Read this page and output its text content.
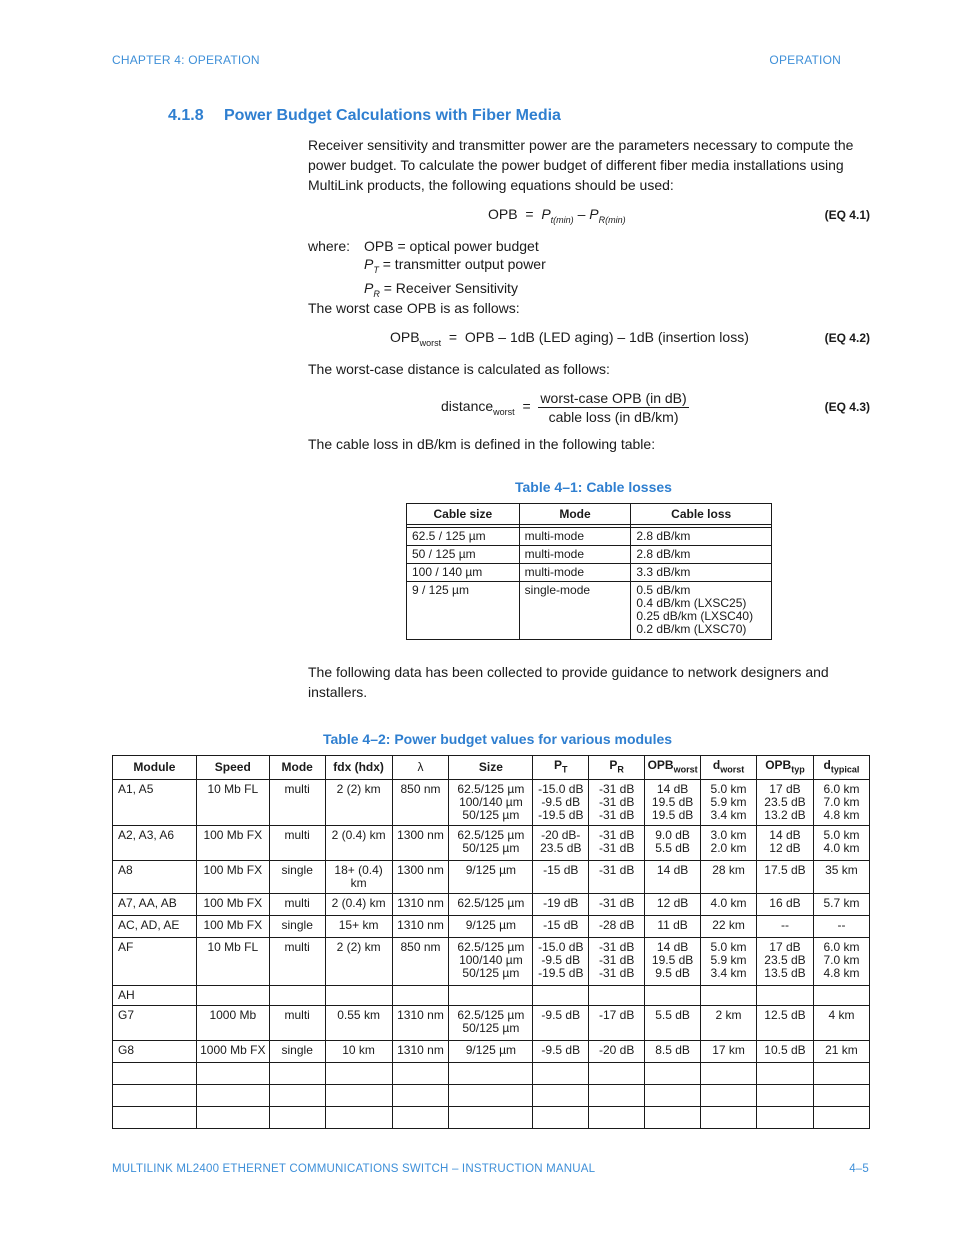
CHAPTER 4: OPERATION	OPERATION
4.1.8 Power Budget Calculations with Fiber Media
Receiver sensitivity and transmitter power are the parameters necessary to compute the power budget. To calculate the power budget of different fiber media installations using MultiLink products, the following equations should be used:
OPB = $P_{t(min)} - P_{R(min)}$	(EQ 4.1)
where: OPB = optical power budget
$P_T$ = transmitter output power
$P_R$ = Receiver Sensitivity
The worst case OPB is as follows:
$OPB_{worst}$ = OPB – 1dB (LED aging) – 1dB (insertion loss)	(EQ 4.2)
The worst-case distance is calculated as follows:
distance$_{worst}$ = $\frac{\text{worst-case OPB (in dB)}}{\text{cable loss (in dB/km)}}$	(EQ 4.3)
The cable loss in dB/km is defined in the following table:
Table 4–1: Cable losses
Cable size	Mode	Cable loss

62.5 / 125 µm	multi-mode	2.8 dB/km
50 / 125 µm	multi-mode	2.8 dB/km
100 / 140 µm	multi-mode	3.3 dB/km
9 / 125 µm	single-mode	0.5 dB/km
0.4 dB/km (LXSC25)
0.25 dB/km (LXSC40)
0.2 dB/km (LXSC70)
The following data has been collected to provide guidance to network designers and installers.
Table 4–2: Power budget values for various modules
Module	Speed	Mode	fdx (hdx)	λ	Size	$P_T$	$P_R$	$OPB_{worst}$	$d_{worst}$	$OPB_{typ}$	$d_{typical}$
A1, A5	10 Mb FL	multi	2 (2) km	850 nm	62.5/125 µm
100/140 µm
50/125 µm	-15.0 dB
-9.5 dB
-19.5 dB	-31 dB
-31 dB
-31 dB	14 dB
19.5 dB
19.5 dB	5.0 km
5.9 km
3.4 km	17 dB
23.5 dB
13.2 dB	6.0 km
7.0 km
4.8 km
A2, A3, A6	100 Mb FX	multi	2 (0.4) km	1300 nm	62.5/125 µm
50/125 µm	-20 dB-
23.5 dB	-31 dB
-31 dB	9.0 dB
5.5 dB	3.0 km
2.0 km	14 dB
12 dB	5.0 km
4.0 km
A8	100 Mb FX	single	18+ (0.4) km	1300 nm	9/125 µm	-15 dB	-31 dB	14 dB	28 km	17.5 dB	35 km
A7, AA, AB	100 Mb FX	multi	2 (0.4) km	1310 nm	62.5/125 µm	-19 dB	-31 dB	12 dB	4.0 km	16 dB	5.7 km
AC, AD, AE	100 Mb FX	single	15+ km	1310 nm	9/125 µm	-15 dB	-28 dB	11 dB	22 km	--	--
AF	10 Mb FL	multi	2 (2) km	850 nm	62.5/125 µm
100/140 µm
50/125 µm	-15.0 dB
-9.5 dB
-19.5 dB	-31 dB
-31 dB
-31 dB	14 dB
19.5 dB
9.5 dB	5.0 km
5.9 km
3.4 km	17 dB
23.5 dB
13.5 dB	6.0 km
7.0 km
4.8 km
AH											
G7	1000 Mb	multi	0.55 km	1310 nm	62.5/125 µm
50/125 µm	-9.5 dB	-17 dB	5.5 dB	2 km	12.5 dB	4 km
G8	1000 Mb FX	single	10 km	1310 nm	9/125 µm	-9.5 dB	-20 dB	8.5 dB	17 km	10.5 dB	21 km

MULTILINK ML2400 ETHERNET COMMUNICATIONS SWITCH – INSTRUCTION MANUAL	4–5
